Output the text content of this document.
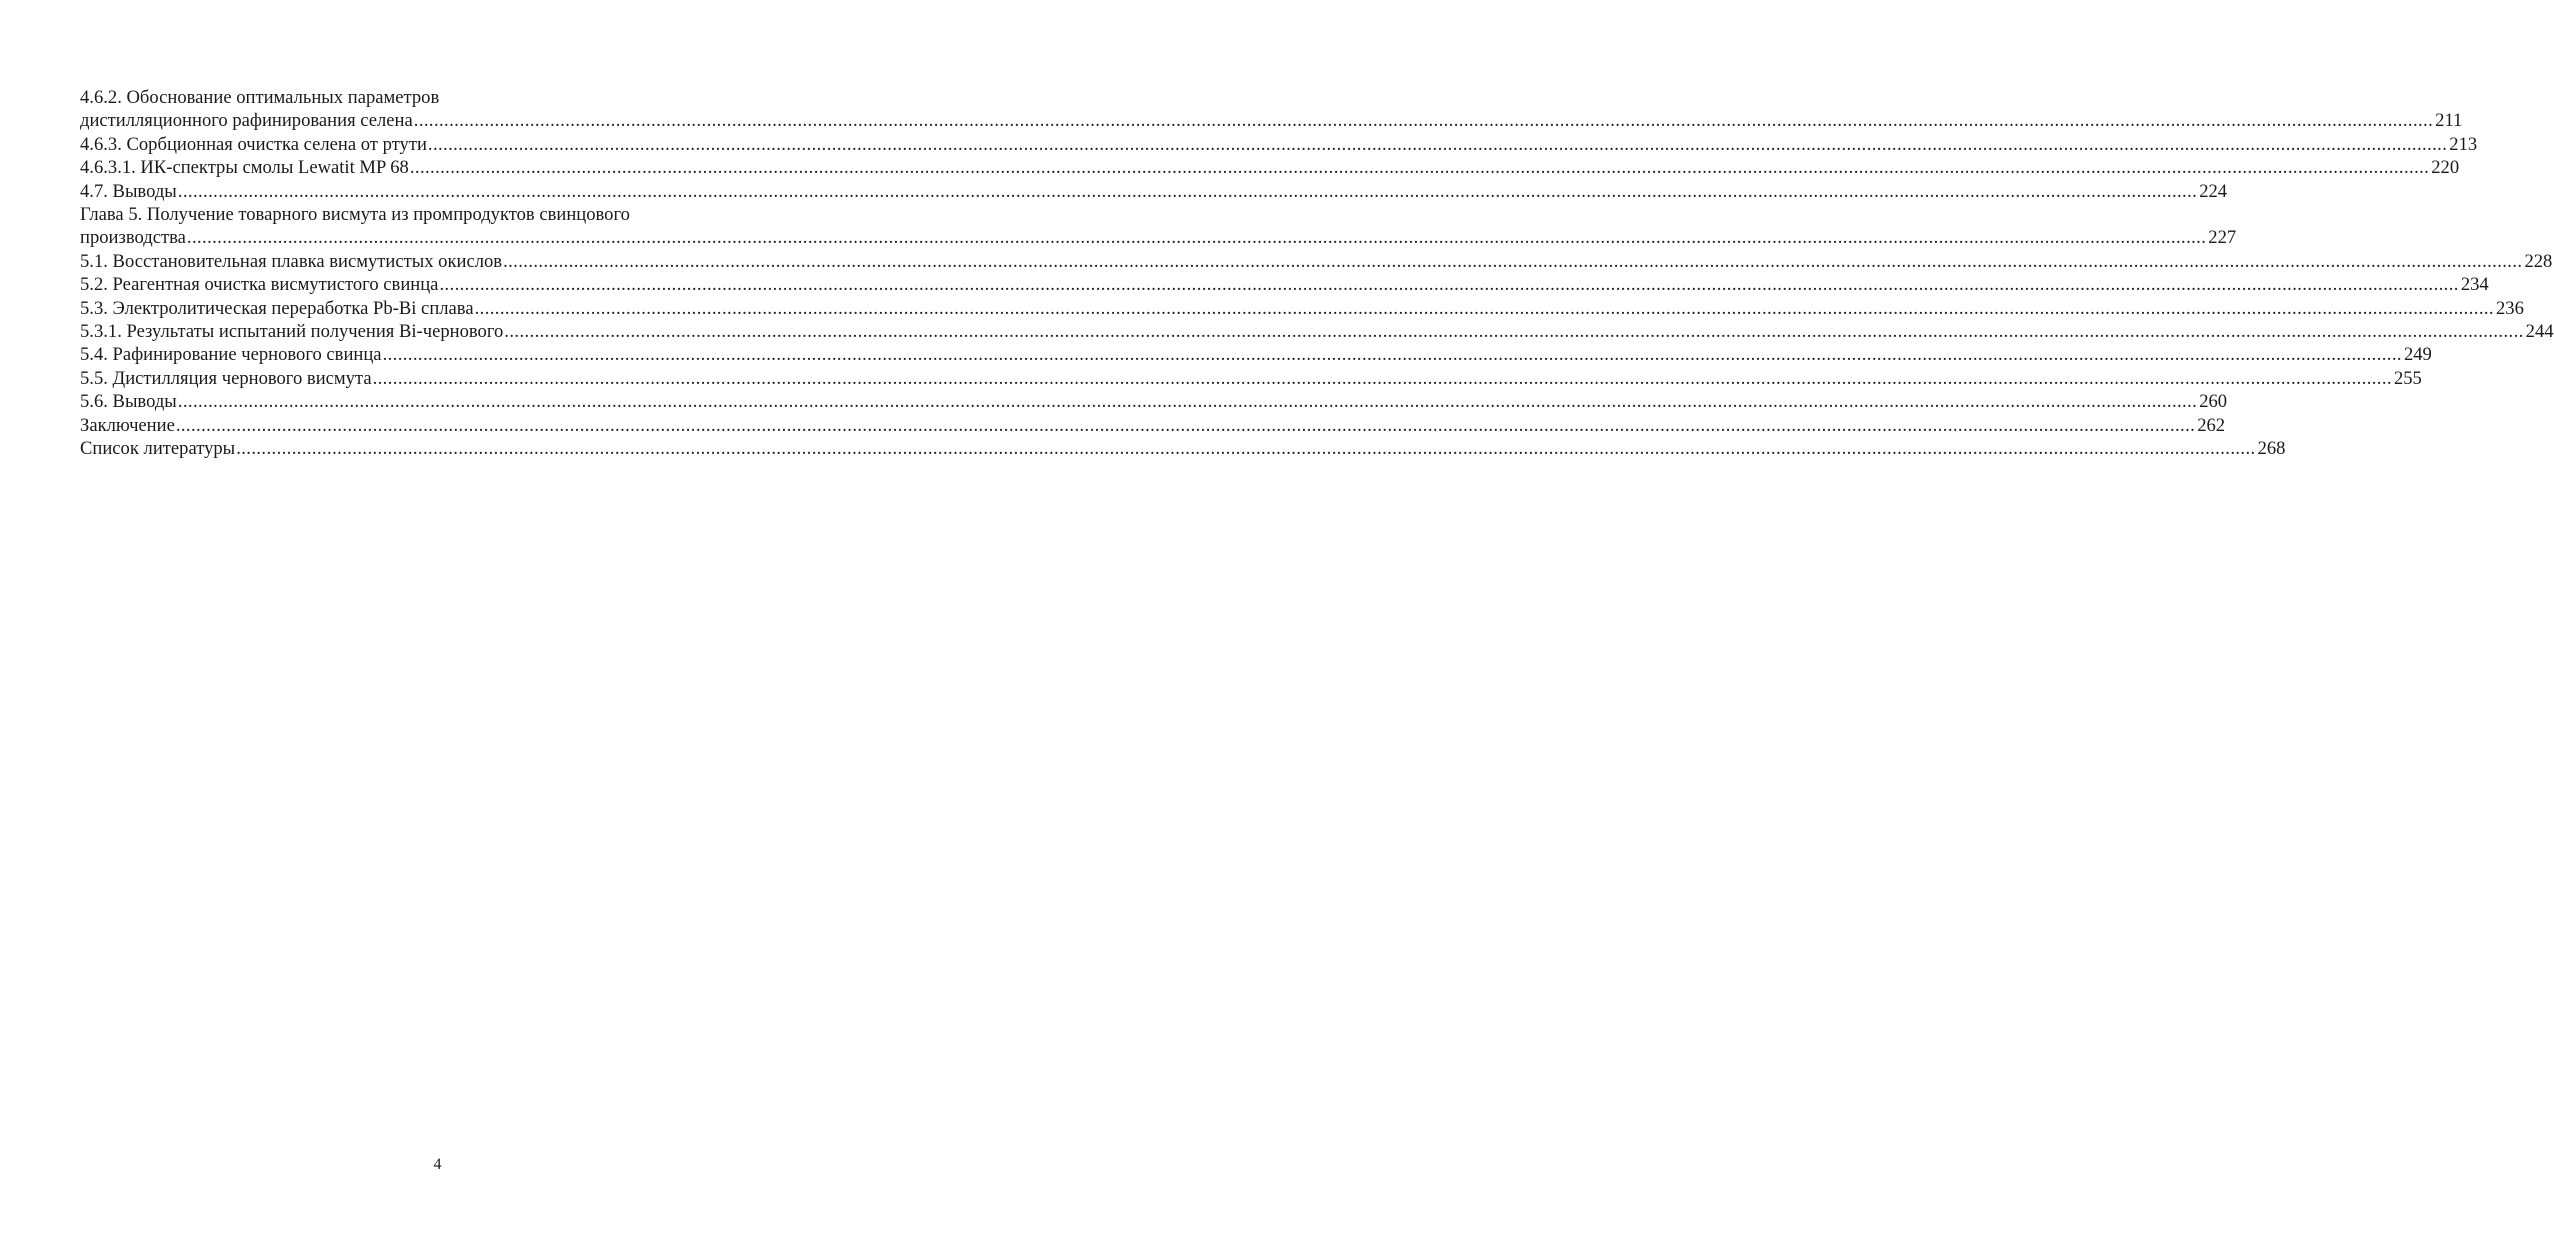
4.6.2. Обоснование оптимальных параметров
дистилляционного рафинирования селена ................................................................................................................................................................................................................................................................................................................................................................................................................ 211
4.6.3. Сорбционная очистка селена от ртути ................................................................................................................................................................................................................................................................................................................................................................................................................ 213
4.6.3.1. ИК-спектры смолы Lewatit MP 68 ................................................................................................................................................................................................................................................................................................................................................................................................................ 220
4.7. Выводы ................................................................................................................................................................................................................................................................................................................................................................................................................ 224
Глава 5. Получение товарного висмута из промпродуктов свинцового
производства ................................................................................................................................................................................................................................................................................................................................................................................................................ 227
5.1. Восстановительная плавка висмутистых окислов ................................................................................................................................................................................................................................................................................................................................................................................................................ 228
5.2. Реагентная очистка висмутистого свинца ................................................................................................................................................................................................................................................................................................................................................................................................................ 234
5.3. Электролитическая переработка Pb-Bi сплава ................................................................................................................................................................................................................................................................................................................................................................................................................ 236
5.3.1. Результаты испытаний получения Bi-чернового ................................................................................................................................................................................................................................................................................................................................................................................................................ 244
5.4. Рафинирование чернового свинца ................................................................................................................................................................................................................................................................................................................................................................................................................ 249
5.5. Дистилляция чернового висмута ................................................................................................................................................................................................................................................................................................................................................................................................................ 255
5.6. Выводы ................................................................................................................................................................................................................................................................................................................................................................................................................ 260
Заключение ................................................................................................................................................................................................................................................................................................................................................................................................................ 262
Список литературы ................................................................................................................................................................................................................................................................................................................................................................................................................ 268
4
